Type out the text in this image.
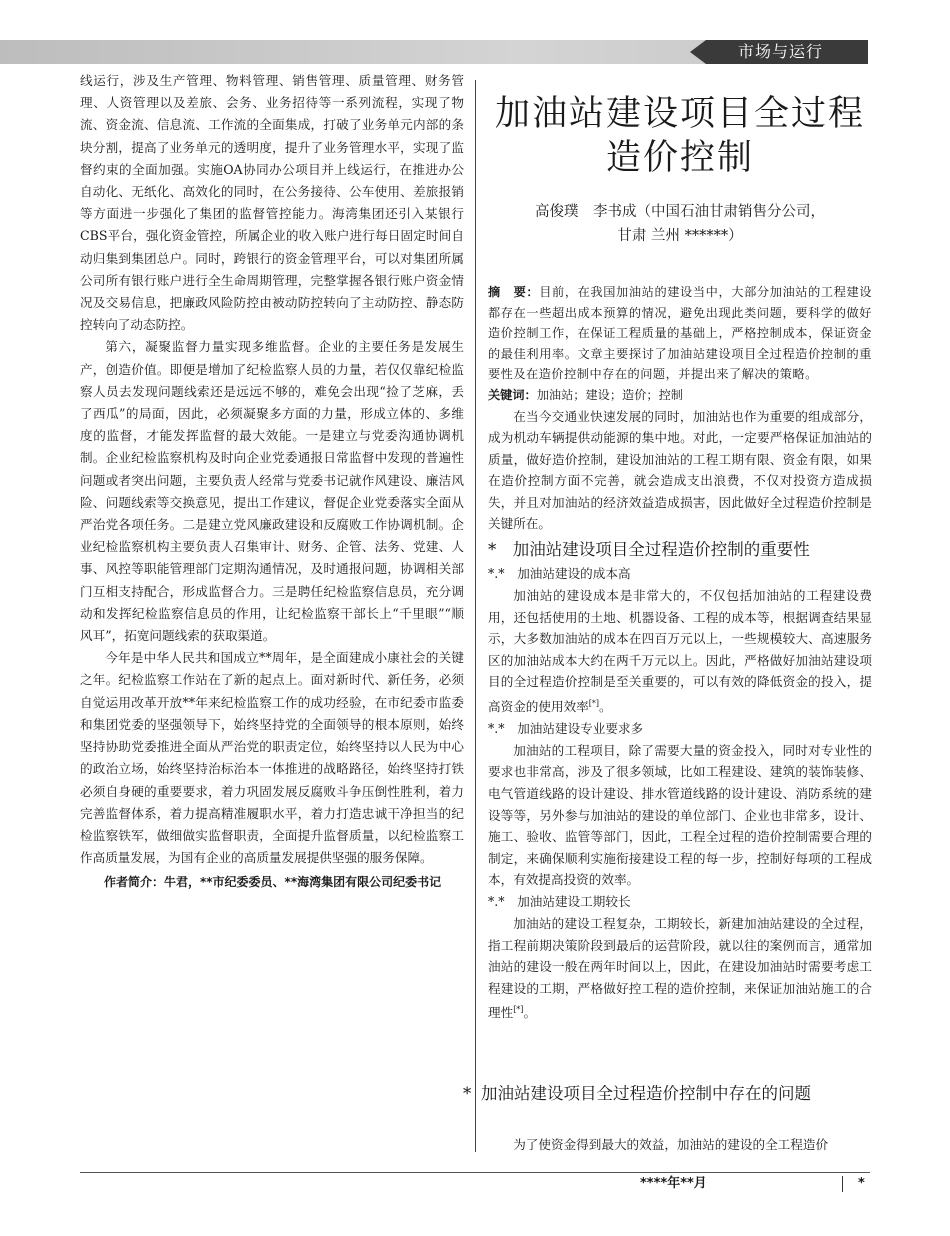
市场与运行

线运行，涉及生产管理、物料管理、销售管理、质量管理、财务管理、人资管理以及差旅、会务、业务招待等一系列流程，实现了物流、资金流、信息流、工作流的全面集成，打破了业务单元内部的条块分割，提高了业务单元的透明度，提升了业务管理水平，实现了监督约束的全面加强。实施OA协同办公项目并上线运行，在推进办公自动化、无纸化、高效化的同时，在公务接待、公车使用、差旅报销等方面进一步强化了集团的监督管控能力。海湾集团还引入某银行CBS平台，强化资金管控，所属企业的收入账户进行每日固定时间自动归集到集团总户。同时，跨银行的资金管理平台，可以对集团所属公司所有银行账户进行全生命周期管理，完整掌握各银行账户资金情况及交易信息，把廉政风险防控由被动防控转向了主动防控、静态防控转向了动态防控。

第六，凝聚监督力量实现多维监督。企业的主要任务是发展生产，创造价值。即便是增加了纪检监察人员的力量，若仅仅靠纪检监察人员去发现问题线索还是远远不够的，难免会出现“捡了芝麻，丢了西瓜”的局面，因此，必须凝聚多方面的力量，形成立体的、多维度的监督，才能发挥监督的最大效能。一是建立与党委沟通协调机制。企业纪检监察机构及时向企业党委通报日常监督中发现的普遍性问题或者突出问题，主要负责人经常与党委书记就作风建设、廉洁风险、问题线索等交换意见，提出工作建议，督促企业党委落实全面从严治党各项任务。二是建立党风廉政建设和反腐败工作协调机制。企业纪检监察机构主要负责人召集审计、财务、企管、法务、党建、人事、风控等职能管理部门定期沟通情况，及时通报问题，协调相关部门互相支持配合，形成监督合力。三是聘任纪检监察信息员，充分调动和发挥纪检监察信息员的作用，让纪检监察干部长上“千里眼”“顺风耳”，拓宽问题线索的获取渠道。

今年是中华人民共和国成立**周年，是全面建成小康社会的关键之年。纪检监察工作站在了新的起点上。面对新时代、新任务，必须自觉运用改革开放**年来纪检监察工作的成功经验，在市纪委市监委和集团党委的坚强领导下，始终坚持党的全面领导的根本原则，始终坚持协助党委推进全面从严治党的职责定位，始终坚持以人民为中心的政治立场，始终坚持治标治本一体推进的战略路径，始终坚持打铁必须自身硬的重要要求，着力巩固发展反腐败斗争压倒性胜利，着力完善监督体系，着力提高精准履职水平，着力打造忠诚干净担当的纪检监察铁军，做细做实监督职责，全面提升监督质量，以纪检监察工作高质量发展，为国有企业的高质量发展提供坚强的服务保障。

作者简介：牛君，**市纪委委员、**海湾集团有限公司纪委书记

加油站建设项目全过程造价控制
高俊璞　李书成（中国石油甘肃销售分公司，
甘肃 兰州 ******）
摘　要：目前，在我国加油站的建设当中，大部分加油站的工程建设都存在一些超出成本预算的情况，避免出现此类问题，要科学的做好造价控制工作，在保证工程质量的基础上，严格控制成本，保证资金的最佳利用率。文章主要探讨了加油站建设项目全过程造价控制的重要性及在造价控制中存在的问题，并提出来了解决的策略。
关键词：加油站；建设；造价；控制

在当今交通业快速发展的同时，加油站也作为重要的组成部分，成为机动车辆提供动能源的集中地。对此，一定要严格保证加油站的质量，做好造价控制，建设加油站的工程工期有限、资金有限，如果在造价控制方面不完善，就会造成支出浪费，不仅对投资方造成损失，并且对加油站的经济效益造成损害，因此做好全过程造价控制是关键所在。

*　加油站建设项目全过程造价控制的重要性
*.*　加油站建设的成本高

加油站的建设成本是非常大的，不仅包括加油站的工程建设费用，还包括使用的土地、机器设备、工程的成本等，根据调查结果显示，大多数加油站的成本在四百万元以上，一些规模较大、高速服务区的加油站成本大约在两千万元以上。因此，严格做好加油站建设项目的全过程造价控制是至关重要的，可以有效的降低资金的投入，提高资金的使用效率[*]。

*.*　加油站建设专业要求多

加油站的工程项目，除了需要大量的资金投入，同时对专业性的要求也非常高，涉及了很多领域，比如工程建设、建筑的装饰装修、电气管道线路的设计建设、排水管道线路的设计建设、消防系统的建设等等，另外参与加油站的建设的单位部门、企业也非常多，设计、施工、验收、监管等部门，因此，工程全过程的造价控制需要合理的制定，来确保顺利实施衔接建设工程的每一步，控制好每项的工程成本，有效提高投资的效率。

*.*　加油站建设工期较长

加油站的建设工程复杂，工期较长，新建加油站建设的全过程，指工程前期决策阶段到最后的运营阶段，就以往的案例而言，通常加油站的建设一般在两年时间以上，因此，在建设加油站时需要考虑工程建设的工期，严格做好控工程的造价控制，来保证加油站施工的合理性[*]。

* 加油站建设项目全过程造价控制中存在的问题
为了使资金得到最大的效益，加油站的建设的全工程造价
****年**月	*
